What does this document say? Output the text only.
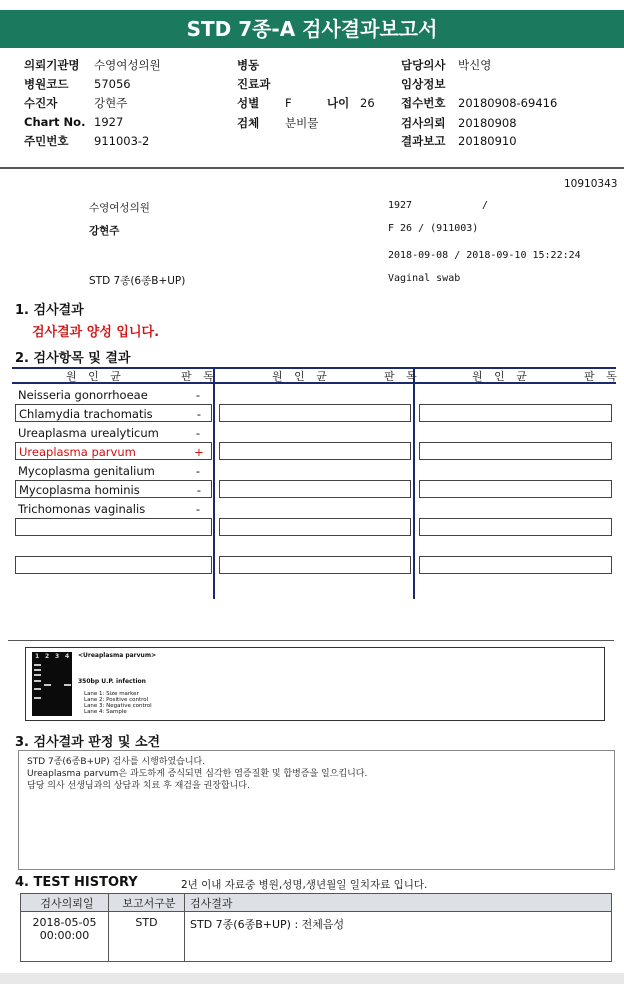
STD 7종-A 검사결과보고서
의뢰기관명 수영여성의원
병원코드 57056
수진자	강현주
Chart No. 1927
주민번호 911003-2
병동
진료과
성별 F	나이 26
검체 분비물
담당의사 박신영
임상정보
접수번호 20180908-69416
검사의뢰 20180908
결과보고 20180910
10910343
수영여성의원	1927	/
강현주	F 26 / (911003)
2018-09-08 / 2018-09-10 15:22:24
STD 7종(6종B+UP)	Vaginal swab
1. 검사결과
검사결과 양성 입니다.
2. 검사항목 및 결과
원 인 균	판 독	원 인 균	판 독	원 인 균	판 독
Neisseria gonorrhoeae	-
Chlamydia trachomatis	-
Ureaplasma urealyticum	-
Ureaplasma parvum	+
Mycoplasma genitalium	-
Mycoplasma hominis	-
Trichomonas vaginalis	-
1 2 3 4 <Ureaplasma parvum>
350bp U.P. infection
Lane 1: Size marker
Lane 2: Positive control
Lane 3: Negative control
Lane 4: Sample
3. 검사결과 판정 및 소견
STD 7종(6종B+UP) 검사를 시행하였습니다.
Ureaplasma parvum은 과도하게 증식되면 심각한 염증질환 및 합병증을 일으킵니다.
담당 의사 선생님과의 상담과 치료 후 재검을 권장합니다.
4. TEST HISTORY	2년 이내 자료중 병원,성명,생년월일 일치자료 입니다.
검사의뢰일	보고서구분	검사결과

2018-05-05
00:00:00	STD	STD 7종(6종B+UP) : 전체음성
